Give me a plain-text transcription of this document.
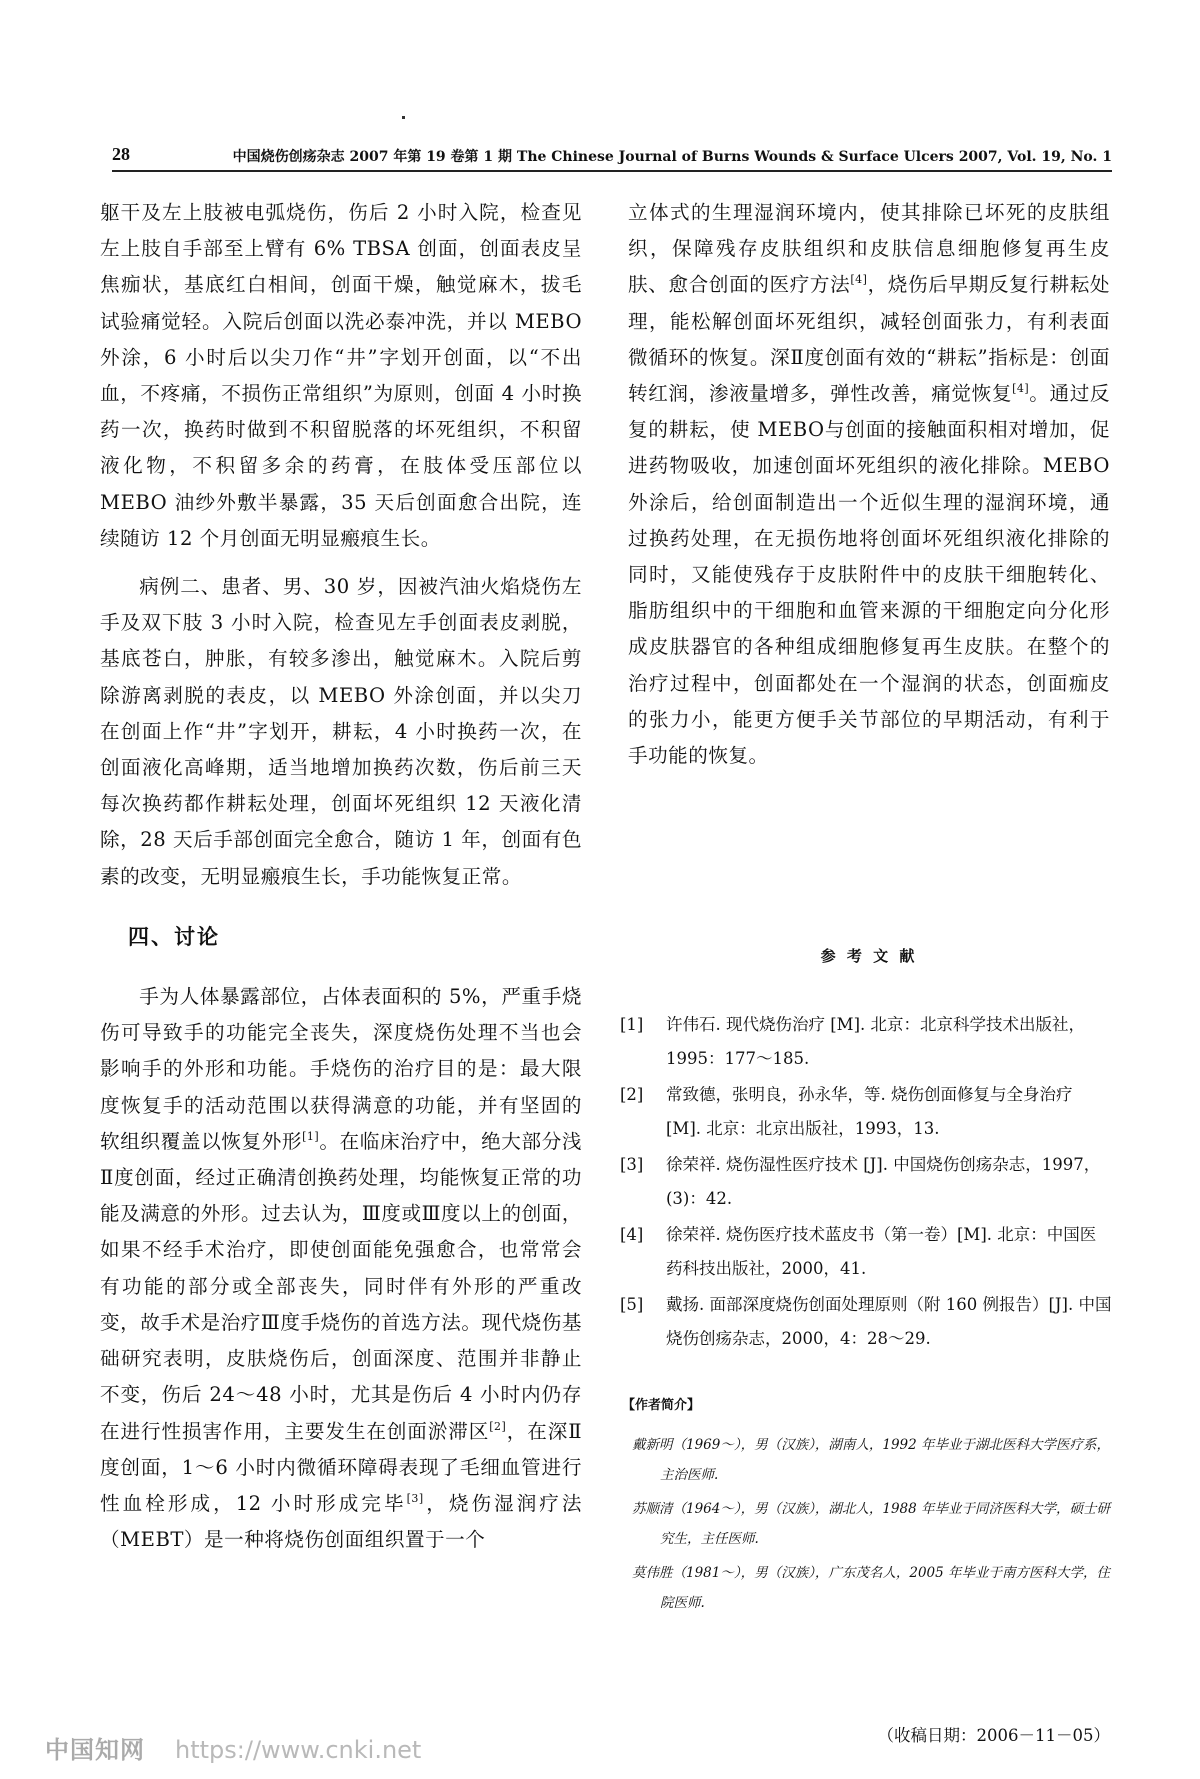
28	中国烧伤创疡杂志 2007 年第 19 卷第 1 期 The Chinese Journal of Burns Wounds & Surface Ulcers 2007, Vol. 19, No. 1

躯干及左上肢被电弧烧伤，伤后 2 小时入院，检查见左上肢自手部至上臂有 6% TBSA 创面，创面表皮呈焦痂状，基底红白相间，创面干燥，触觉麻木，拔毛试验痛觉轻。入院后创面以洗必泰冲洗，并以 MEBO 外涂，6 小时后以尖刀作“井”字划开创面，以“不出血，不疼痛，不损伤正常组织”为原则，创面 4 小时换药一次，换药时做到不积留脱落的坏死组织，不积留液化物，不积留多余的药膏，在肢体受压部位以 MEBO 油纱外敷半暴露，35 天后创面愈合出院，连续随访 12 个月创面无明显瘢痕生长。

病例二、患者、男、30 岁，因被汽油火焰烧伤左手及双下肢 3 小时入院，检查见左手创面表皮剥脱，基底苍白，肿胀，有较多渗出，触觉麻木。入院后剪除游离剥脱的表皮，以 MEBO 外涂创面，并以尖刀在创面上作“井”字划开，耕耘，4 小时换药一次，在创面液化高峰期，适当地增加换药次数，伤后前三天每次换药都作耕耘处理，创面坏死组织 12 天液化清除，28 天后手部创面完全愈合，随访 1 年，创面有色素的改变，无明显瘢痕生长，手功能恢复正常。

四、讨论

手为人体暴露部位，占体表面积的 5%，严重手烧伤可导致手的功能完全丧失，深度烧伤处理不当也会影响手的外形和功能。手烧伤的治疗目的是：最大限度恢复手的活动范围以获得满意的功能，并有坚固的软组织覆盖以恢复外形[1]。在临床治疗中，绝大部分浅Ⅱ度创面，经过正确清创换药处理，均能恢复正常的功能及满意的外形。过去认为，Ⅲ度或Ⅲ度以上的创面，如果不经手术治疗，即使创面能免强愈合，也常常会有功能的部分或全部丧失，同时伴有外形的严重改变，故手术是治疗Ⅲ度手烧伤的首选方法。现代烧伤基础研究表明，皮肤烧伤后，创面深度、范围并非静止不变，伤后 24～48 小时，尤其是伤后 4 小时内仍存在进行性损害作用，主要发生在创面淤滞区[2]，在深Ⅱ度创面，1～6 小时内微循环障碍表现了毛细血管进行性血栓形成，12 小时形成完毕[3]，烧伤湿润疗法（MEBT）是一种将烧伤创面组织置于一个

立体式的生理湿润环境内，使其排除已坏死的皮肤组织，保障残存皮肤组织和皮肤信息细胞修复再生皮肤、愈合创面的医疗方法[4]，烧伤后早期反复行耕耘处理，能松解创面坏死组织，减轻创面张力，有利表面微循环的恢复。深Ⅱ度创面有效的“耕耘”指标是：创面转红润，渗液量增多，弹性改善，痛觉恢复[4]。通过反复的耕耘，使 MEBO与创面的接触面积相对增加，促进药物吸收，加速创面坏死组织的液化排除。MEBO 外涂后，给创面制造出一个近似生理的湿润环境，通过换药处理，在无损伤地将创面坏死组织液化排除的同时，又能使残存于皮肤附件中的皮肤干细胞转化、脂肪组织中的干细胞和血管来源的干细胞定向分化形成皮肤器官的各种组成细胞修复再生皮肤。在整个的治疗过程中，创面都处在一个湿润的状态，创面痂皮的张力小，能更方便手关节部位的早期活动，有利于手功能的恢复。

参 考 文 献
[1] 许伟石. 现代烧伤治疗 [M]. 北京：北京科学技术出版社，1995：177～185.
[2] 常致德，张明良，孙永华，等. 烧伤创面修复与全身治疗 [M]. 北京：北京出版社，1993，13.
[3] 徐荣祥. 烧伤湿性医疗技术 [J]. 中国烧伤创疡杂志，1997，(3)：42.
[4] 徐荣祥. 烧伤医疗技术蓝皮书（第一卷）[M]. 北京：中国医药科技出版社，2000，41.
[5] 戴扬. 面部深度烧伤创面处理原则（附 160 例报告）[J]. 中国烧伤创疡杂志，2000，4：28～29.
【作者简介】

戴新明（1969～），男（汉族），湖南人，1992 年毕业于湖北医科大学医疗系，主治医师.

苏顺清（1964～），男（汉族），湖北人，1988 年毕业于同济医科大学，硕士研究生，主任医师.

莫伟胜（1981～），男（汉族），广东茂名人，2005 年毕业于南方医科大学，住院医师.

（收稿日期：2006－11－05）
中国知网 https://www.cnki.net
